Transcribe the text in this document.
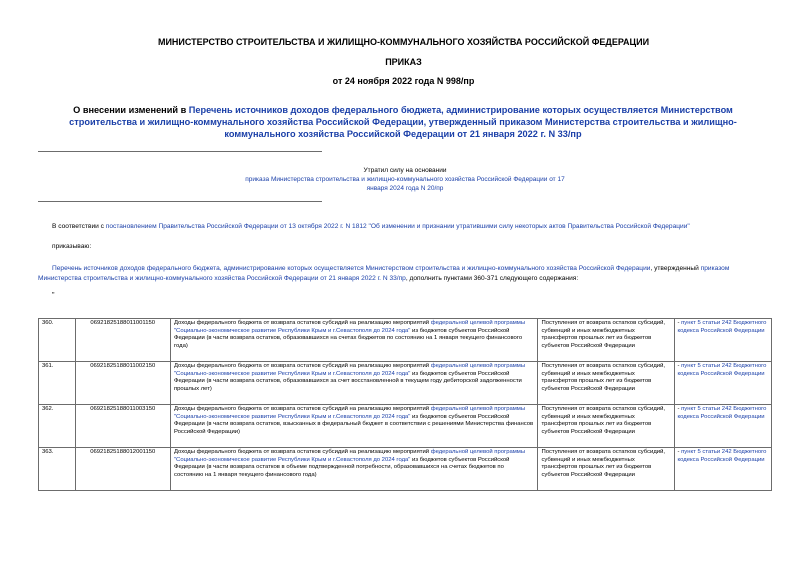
МИНИСТЕРСТВО СТРОИТЕЛЬСТВА И ЖИЛИЩНО-КОММУНАЛЬНОГО ХОЗЯЙСТВА РОССИЙСКОЙ ФЕДЕРАЦИИ
ПРИКАЗ
от 24 ноября 2022 года N 998/пр
О внесении изменений в Перечень источников доходов федерального бюджета, администрирование которых осуществляется Министерством строительства и жилищно-коммунального хозяйства Российской Федерации, утвержденный приказом Министерства строительства и жилищно-коммунального хозяйства Российской Федерации от 21 января 2022 г. N 33/пр
Утратил силу на основании
приказа Министерства строительства и жилищно-коммунального хозяйства Российской Федерации от 17 января 2024 года N 20/пр
В соответствии с постановлением Правительства Российской Федерации от 13 октября 2022 г. N 1812 "Об изменении и признании утратившими силу некоторых актов Правительства Российской Федерации"
приказываю:
Перечень источников доходов федерального бюджета, администрирование которых осуществляется Министерством строительства и жилищно-коммунального хозяйства Российской Федерации, утвержденный приказом Министерства строительства и жилищно-коммунального хозяйства Российской Федерации от 21 января 2022 г. N 33/пр, дополнить пунктами 360-371 следующего содержания:
"
360.	06921825188011001150	Доходы федерального бюджета от возврата остатков субсидий на реализацию мероприятий федеральной целевой программы "Социально-экономическое развитие Республики Крым и г.Севастополя до 2024 года" из бюджетов субъектов Российской Федерации (в части возврата остатков, образовавшихся на счетах бюджетов по состоянию на 1 января текущего финансового года)	Поступления от возврата остатков субсидий, субвенций и иных межбюджетных трансфертов прошлых лет из бюджетов субъектов Российской Федерации	- пункт 5 статьи 242 Бюджетного кодекса Российской Федерации
361.	06921825188011002150	Доходы федерального бюджета от возврата остатков субсидий на реализацию мероприятий федеральной целевой программы "Социально-экономическое развитие Республики Крым и г.Севастополя до 2024 года" из бюджетов субъектов Российской Федерации (в части возврата остатков, образовавшихся за счет восстановленной в текущем году дебиторской задолженности прошлых лет)	Поступления от возврата остатков субсидий, субвенций и иных межбюджетных трансфертов прошлых лет из бюджетов субъектов Российской Федерации	- пункт 5 статьи 242 Бюджетного кодекса Российской Федерации
362.	06921825188011003150	Доходы федерального бюджета от возврата остатков субсидий на реализацию мероприятий федеральной целевой программы "Социально-экономическое развитие Республики Крым и г.Севастополя до 2024 года" из бюджетов субъектов Российской Федерации (в части возврата остатков, взысканных в федеральный бюджет в соответствии с решениями Министерства финансов Российской Федерации)	Поступления от возврата остатков субсидий, субвенций и иных межбюджетных трансфертов прошлых лет из бюджетов субъектов Российской Федерации	- пункт 5 статьи 242 Бюджетного кодекса Российской Федерации
363.	06921825188012001150	Доходы федерального бюджета от возврата остатков субсидий на реализацию мероприятий федеральной целевой программы "Социально-экономическое развитие Республики Крым и г.Севастополя до 2024 года" из бюджетов субъектов Российской Федерации (в части возврата остатков в объеме подтвержденной потребности, образовавшихся на счетах бюджетов по состоянию на 1 января текущего финансового года)	Поступления от возврата остатков субсидий, субвенций и иных межбюджетных трансфертов прошлых лет из бюджетов субъектов Российской Федерации	- пункт 5 статьи 242 Бюджетного кодекса Российской Федерации
